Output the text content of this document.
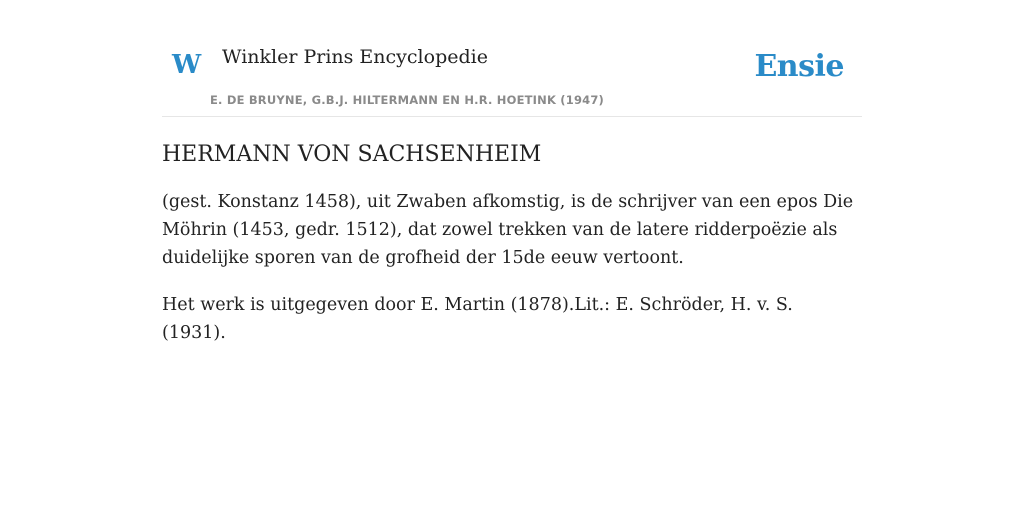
W Winkler Prins Encyclopedie
E. DE BRUYNE, G.B.J. HILTERMANN EN H.R. HOETINK (1947)
Ensie
HERMANN VON SACHSENHEIM

(gest. Konstanz 1458), uit Zwaben afkomstig, is de schrijver van een epos Die Möhrin (1453, gedr. 1512), dat zowel trekken van de latere ridderpoëzie als duidelijke sporen van de grofheid der 15de eeuw vertoont.

Het werk is uitgegeven door E. Martin (1878).Lit.: E. Schröder, H. v. S. (1931).
